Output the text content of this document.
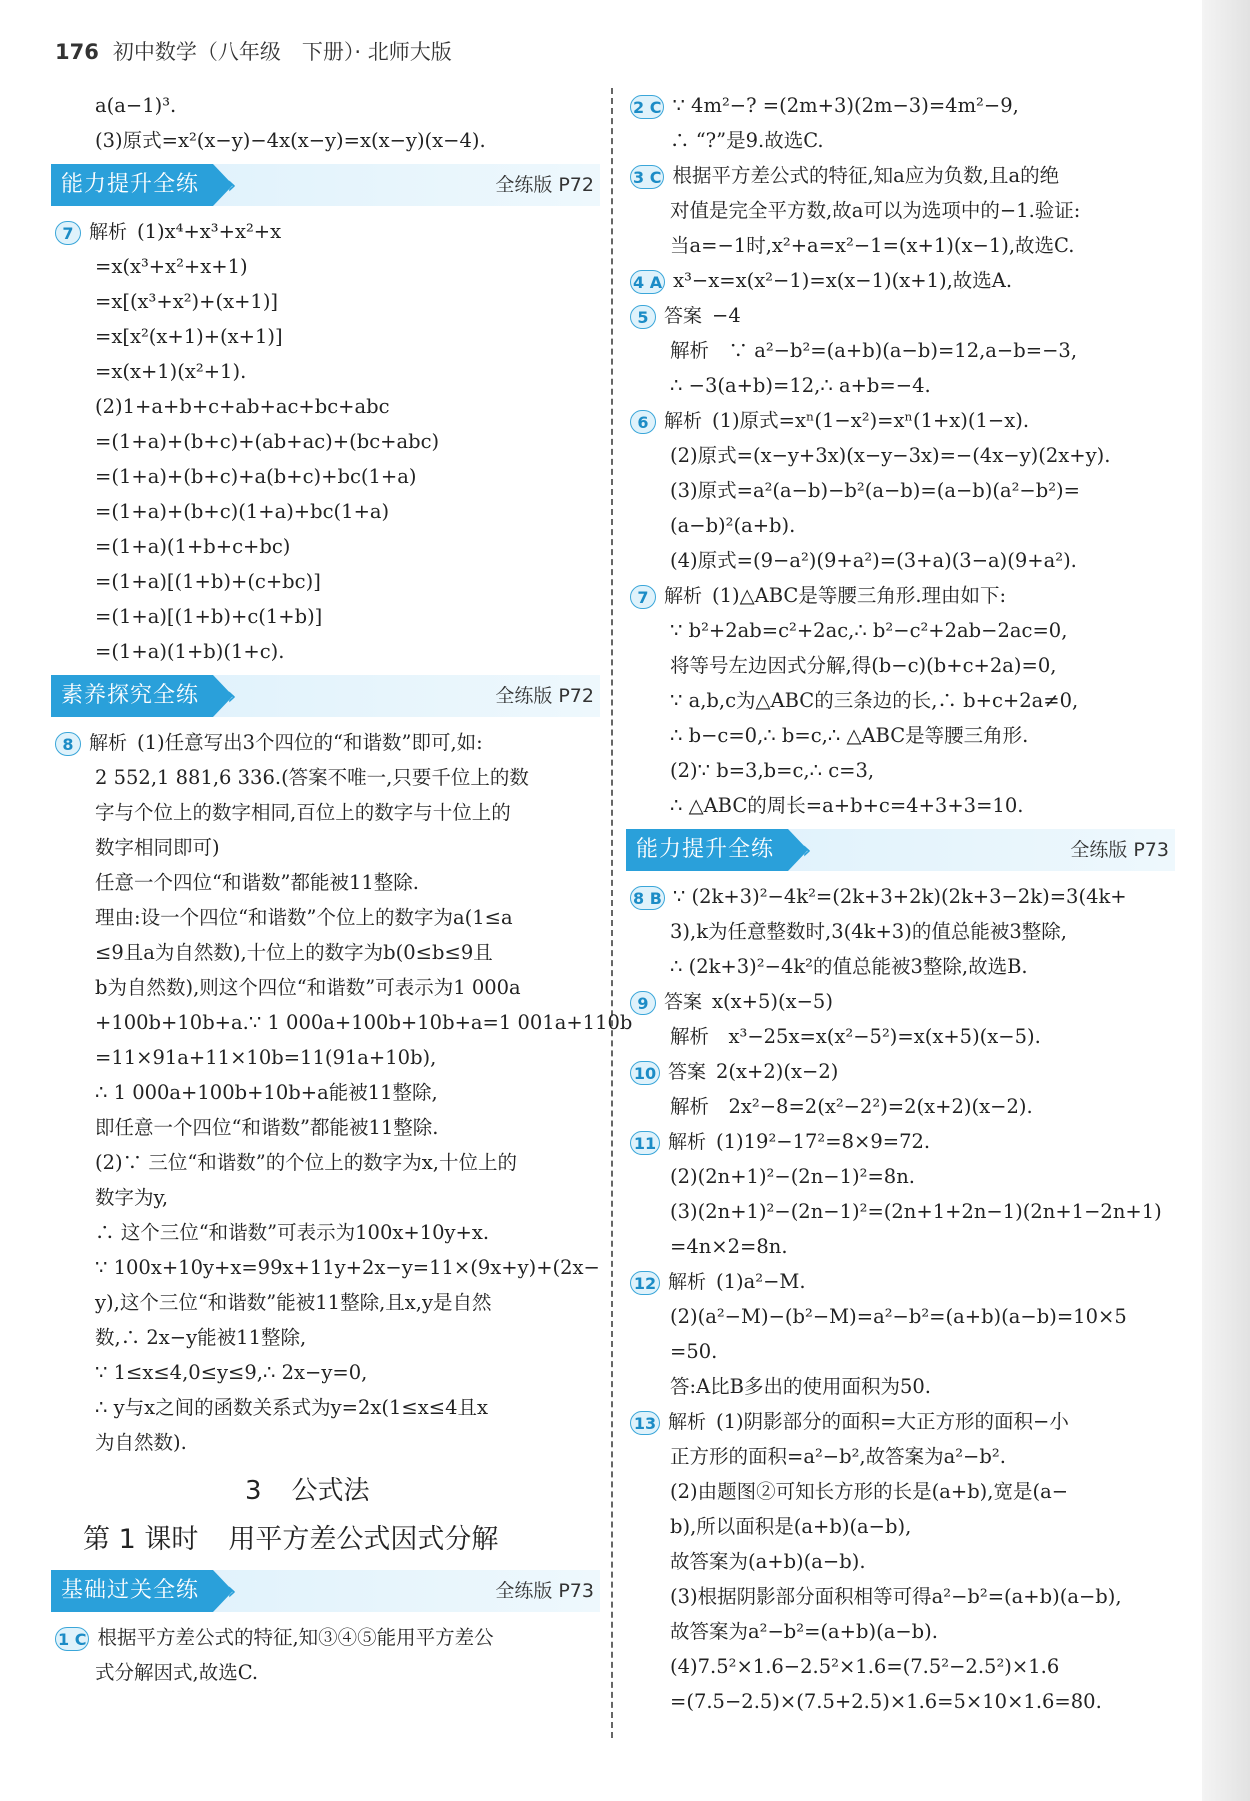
176 初中数学（八年级　下册）· 北师大版
a(a−1)³.
(3)原式=x²(x−y)−4x(x−y)=x(x−y)(x−4).
能力提升全练	›	全练版 P72
7 解析 (1)x⁴+x³+x²+x
=x(x³+x²+x+1)
=x[(x³+x²)+(x+1)]
=x[x²(x+1)+(x+1)]
=x(x+1)(x²+1).
(2)1+a+b+c+ab+ac+bc+abc
=(1+a)+(b+c)+(ab+ac)+(bc+abc)
=(1+a)+(b+c)+a(b+c)+bc(1+a)
=(1+a)+(b+c)(1+a)+bc(1+a)
=(1+a)(1+b+c+bc)
=(1+a)[(1+b)+(c+bc)]
=(1+a)[(1+b)+c(1+b)]
=(1+a)(1+b)(1+c).
素养探究全练	›	全练版 P72
8 解析 (1)任意写出3个四位的“和谐数”即可,如:
2 552,1 881,6 336.(答案不唯一,只要千位上的数
字与个位上的数字相同,百位上的数字与十位上的
数字相同即可)
任意一个四位“和谐数”都能被11整除.
理由:设一个四位“和谐数”个位上的数字为a(1≤a
≤9且a为自然数),十位上的数字为b(0≤b≤9且
b为自然数),则这个四位“和谐数”可表示为1 000a
+100b+10b+a.∵ 1 000a+100b+10b+a=1 001a+110b
=11×91a+11×10b=11(91a+10b),
∴ 1 000a+100b+10b+a能被11整除,
即任意一个四位“和谐数”都能被11整除.
(2)∵ 三位“和谐数”的个位上的数字为x,十位上的
数字为y,
∴ 这个三位“和谐数”可表示为100x+10y+x.
∵ 100x+10y+x=99x+11y+2x−y=11×(9x+y)+(2x−
y),这个三位“和谐数”能被11整除,且x,y是自然
数,∴ 2x−y能被11整除,
∵ 1≤x≤4,0≤y≤9,∴ 2x−y=0,
∴ y与x之间的函数关系式为y=2x(1≤x≤4且x
为自然数).
3 公式法
第 1 课时 用平方差公式因式分解
基础过关全练	›	全练版 P73
1 C 根据平方差公式的特征,知③④⑤能用平方差公
式分解因式,故选C.
2 C ∵ 4m²−? =(2m+3)(2m−3)=4m²−9,
∴ “?”是9.故选C.
3 C 根据平方差公式的特征,知a应为负数,且a的绝
对值是完全平方数,故a可以为选项中的−1.验证:
当a=−1时,x²+a=x²−1=(x+1)(x−1),故选C.
4 A x³−x=x(x²−1)=x(x−1)(x+1),故选A.
5 答案 −4
解析　∵ a²−b²=(a+b)(a−b)=12,a−b=−3,
∴ −3(a+b)=12,∴ a+b=−4.
6 解析 (1)原式=xⁿ(1−x²)=xⁿ(1+x)(1−x).
(2)原式=(x−y+3x)(x−y−3x)=−(4x−y)(2x+y).
(3)原式=a²(a−b)−b²(a−b)=(a−b)(a²−b²)=
(a−b)²(a+b).
(4)原式=(9−a²)(9+a²)=(3+a)(3−a)(9+a²).
7 解析 (1)△ABC是等腰三角形.理由如下:
∵ b²+2ab=c²+2ac,∴ b²−c²+2ab−2ac=0,
将等号左边因式分解,得(b−c)(b+c+2a)=0,
∵ a,b,c为△ABC的三条边的长,∴ b+c+2a≠0,
∴ b−c=0,∴ b=c,∴ △ABC是等腰三角形.
(2)∵ b=3,b=c,∴ c=3,
∴ △ABC的周长=a+b+c=4+3+3=10.
能力提升全练	›	全练版 P73
8 B ∵ (2k+3)²−4k²=(2k+3+2k)(2k+3−2k)=3(4k+
3),k为任意整数时,3(4k+3)的值总能被3整除,
∴ (2k+3)²−4k²的值总能被3整除,故选B.
9 答案 x(x+5)(x−5)
解析　x³−25x=x(x²−5²)=x(x+5)(x−5).
10 答案 2(x+2)(x−2)
解析　2x²−8=2(x²−2²)=2(x+2)(x−2).
11 解析 (1)19²−17²=8×9=72.
(2)(2n+1)²−(2n−1)²=8n.
(3)(2n+1)²−(2n−1)²=(2n+1+2n−1)(2n+1−2n+1)
=4n×2=8n.
12 解析 (1)a²−M.
(2)(a²−M)−(b²−M)=a²−b²=(a+b)(a−b)=10×5
=50.
答:A比B多出的使用面积为50.
13 解析 (1)阴影部分的面积=大正方形的面积−小
正方形的面积=a²−b²,故答案为a²−b².
(2)由题图②可知长方形的长是(a+b),宽是(a−
b),所以面积是(a+b)(a−b),
故答案为(a+b)(a−b).
(3)根据阴影部分面积相等可得a²−b²=(a+b)(a−b),
故答案为a²−b²=(a+b)(a−b).
(4)7.5²×1.6−2.5²×1.6=(7.5²−2.5²)×1.6
=(7.5−2.5)×(7.5+2.5)×1.6=5×10×1.6=80.
